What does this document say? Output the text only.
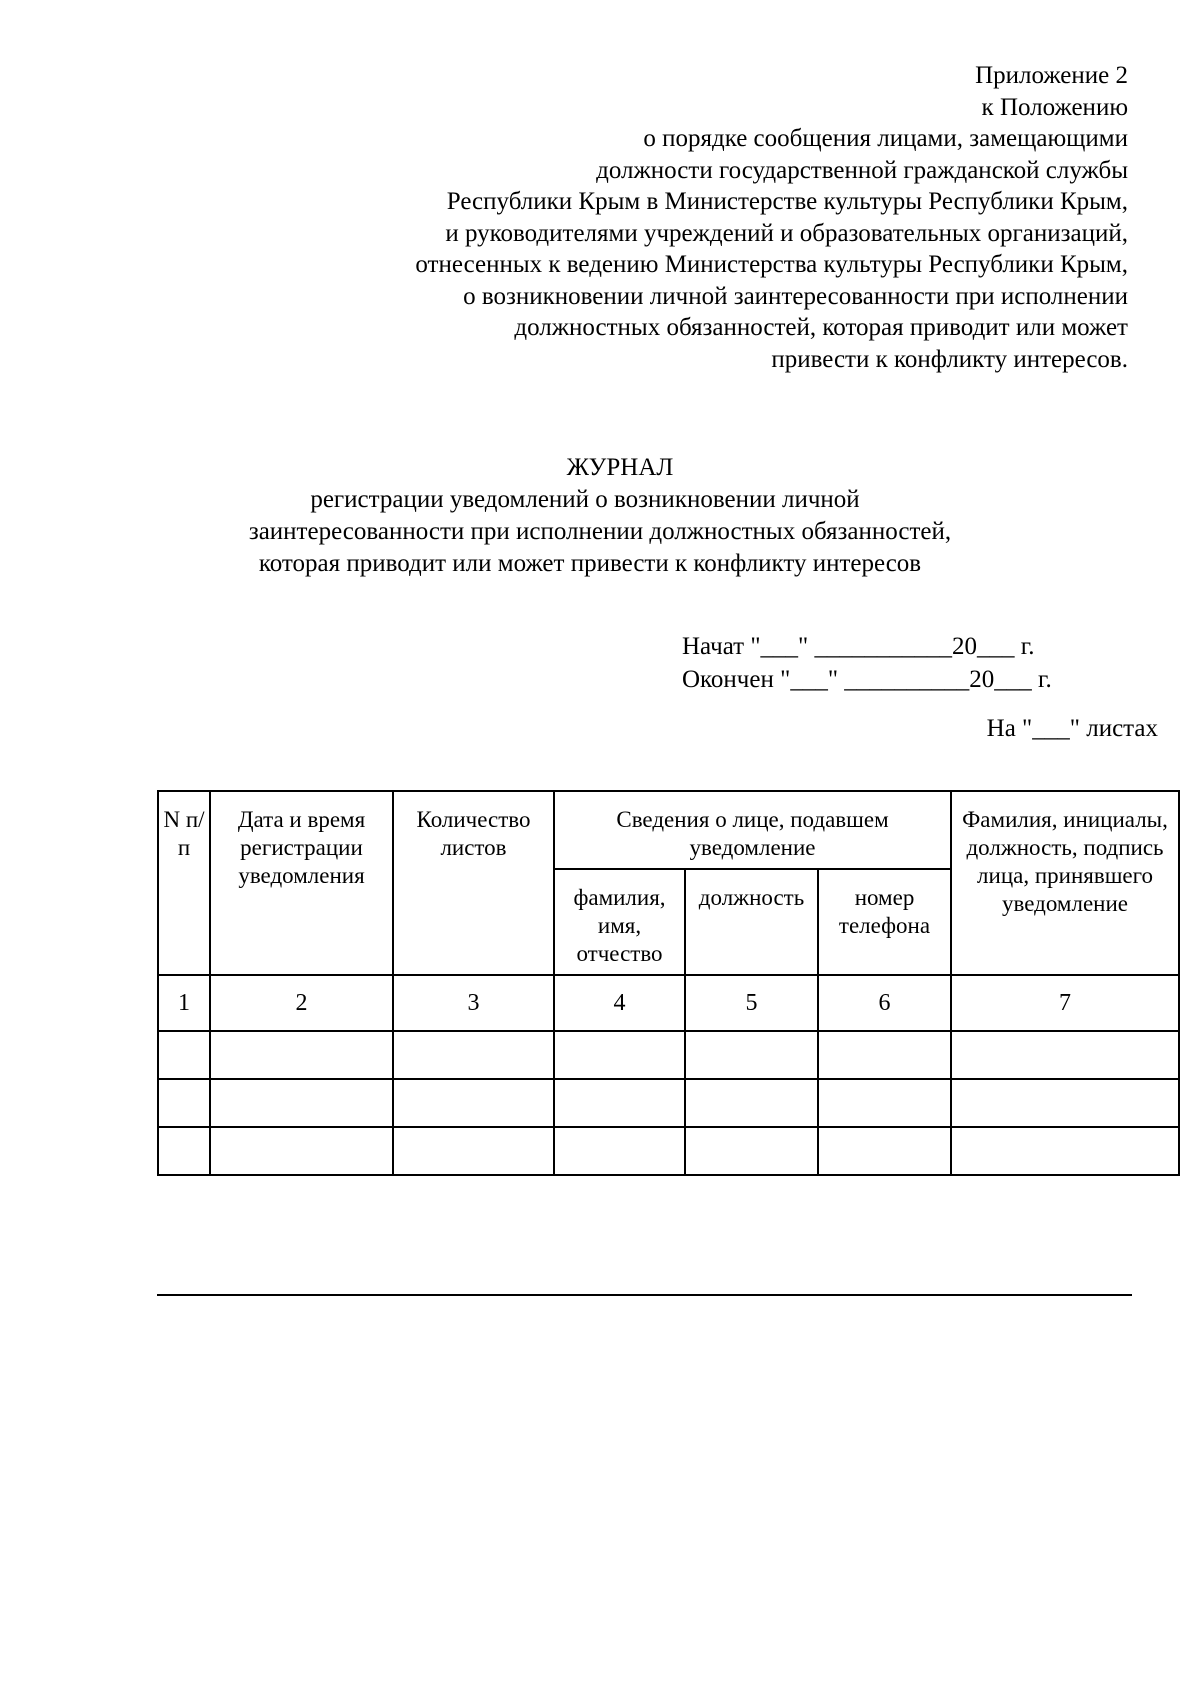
Приложение 2
к Положению
о порядке сообщения лицами, замещающими
должности государственной гражданской службы
Республики Крым в Министерстве культуры Республики Крым,
и руководителями учреждений и образовательных организаций,
отнесенных к ведению Министерства культуры Республики Крым,
о возникновении личной заинтересованности при исполнении
должностных обязанностей, которая приводит или может
привести к конфликту интересов.
ЖУРНАЛ
регистрации уведомлений о возникновении личной
заинтересованности при исполнении должностных обязанностей,
которая приводит или может привести к конфликту интересов
Начат "___" ___________20___ г.
Окончен "___" __________20___ г.
На "___" листах
N п/п	Дата и время регистрации уведомления	Количество листов	Сведения о лице, подавшем уведомление			Фамилия, инициалы, должность, подпись лица, принявшего уведомление
			фамилия, имя, отчество	должность	номер телефона	
1	2	3	4	5	6	7
